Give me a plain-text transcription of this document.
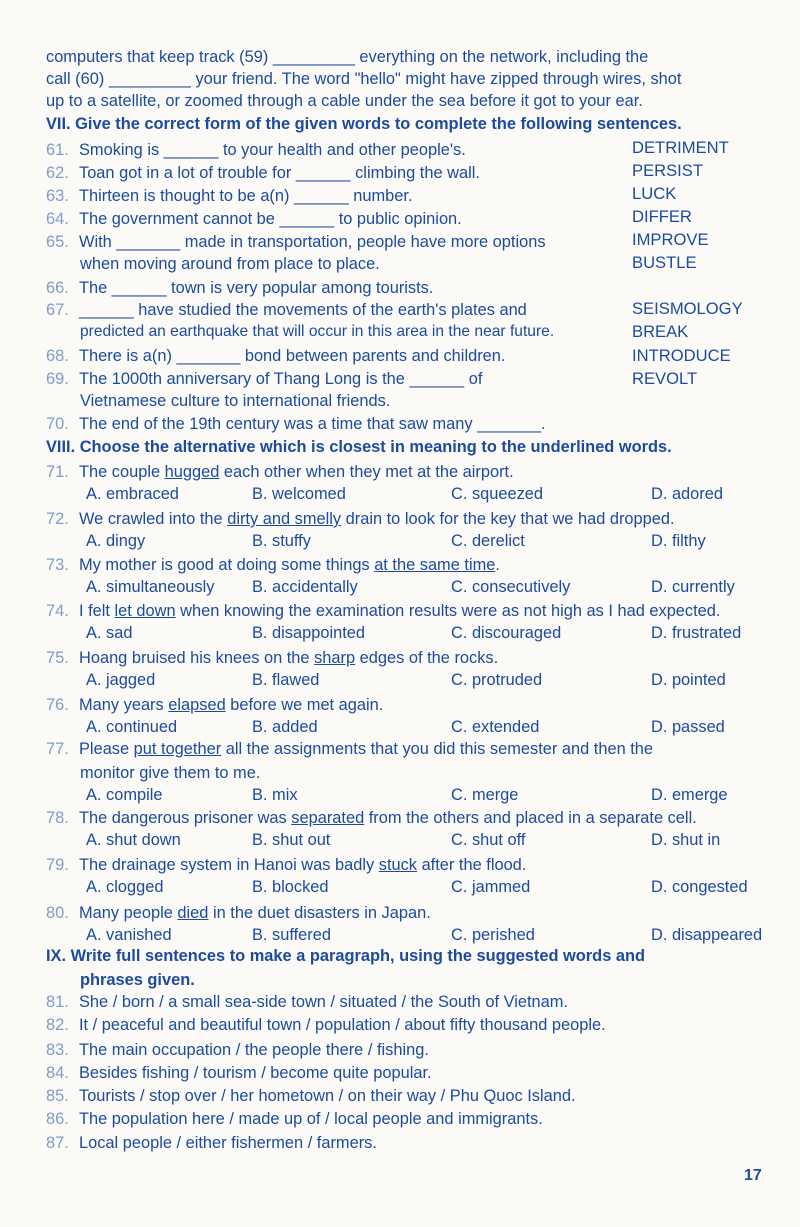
computers that keep track (59) _________ everything on the network, including the
call (60) _________ your friend. The word "hello" might have zipped through wires, shot
up to a satellite, or zoomed through a cable under the sea before it got to your ear.
VII. Give the correct form of the given words to complete the following sentences.
61. Smoking is ______ to your health and other people's.	DETRIMENT
62. Toan got in a lot of trouble for ______ climbing the wall.	PERSIST
63. Thirteen is thought to be a(n) ______ number.	LUCK
64. The government cannot be ______ to public opinion.	DIFFER
65. With _______ made in transportation, people have more options	IMPROVE
when moving around from place to place.	BUSTLE
66. The ______ town is very popular among tourists.
67. ______ have studied the movements of the earth's plates and	SEISMOLOGY
predicted an earthquake that will occur in this area in the near future.	BREAK
68. There is a(n) _______ bond between parents and children.	INTRODUCE
69. The 1000th anniversary of Thang Long is the ______ of	REVOLT
Vietnamese culture to international friends.
70. The end of the 19th century was a time that saw many _______.
VIII. Choose the alternative which is closest in meaning to the underlined words.
71. The couple hugged each other when they met at the airport.
A. embraced	B. welcomed	C. squeezed	D. adored
72. We crawled into the dirty and smelly drain to look for the key that we had dropped.
A. dingy	B. stuffy	C. derelict	D. filthy
73. My mother is good at doing some things at the same time.
A. simultaneously B. accidentally	C. consecutively	D. currently
74. I felt let down when knowing the examination results were as not high as I had expected.
A. sad	B. disappointed	C. discouraged	D. frustrated
75. Hoang bruised his knees on the sharp edges of the rocks.
A. jagged	B. flawed	C. protruded	D. pointed
76. Many years elapsed before we met again.
A. continued	B. added	C. extended	D. passed
77. Please put together all the assignments that you did this semester and then the
monitor give them to me.
A. compile	B. mix	C. merge	D. emerge
78. The dangerous prisoner was separated from the others and placed in a separate cell.
A. shut down	B. shut out	C. shut off	D. shut in
79. The drainage system in Hanoi was badly stuck after the flood.
A. clogged	B. blocked	C. jammed	D. congested
80. Many people died in the duet disasters in Japan.
A. vanished	B. suffered	C. perished	D. disappeared
IX. Write full sentences to make a paragraph, using the suggested words and
phrases given.
81. She / born / a small sea-side town / situated / the South of Vietnam.
82. It / peaceful and beautiful town / population / about fifty thousand people.
83. The main occupation / the people there / fishing.
84. Besides fishing / tourism / become quite popular.
85. Tourists / stop over / her hometown / on their way / Phu Quoc Island.
86. The population here / made up of / local people and immigrants.
87. Local people / either fishermen / farmers.
17
